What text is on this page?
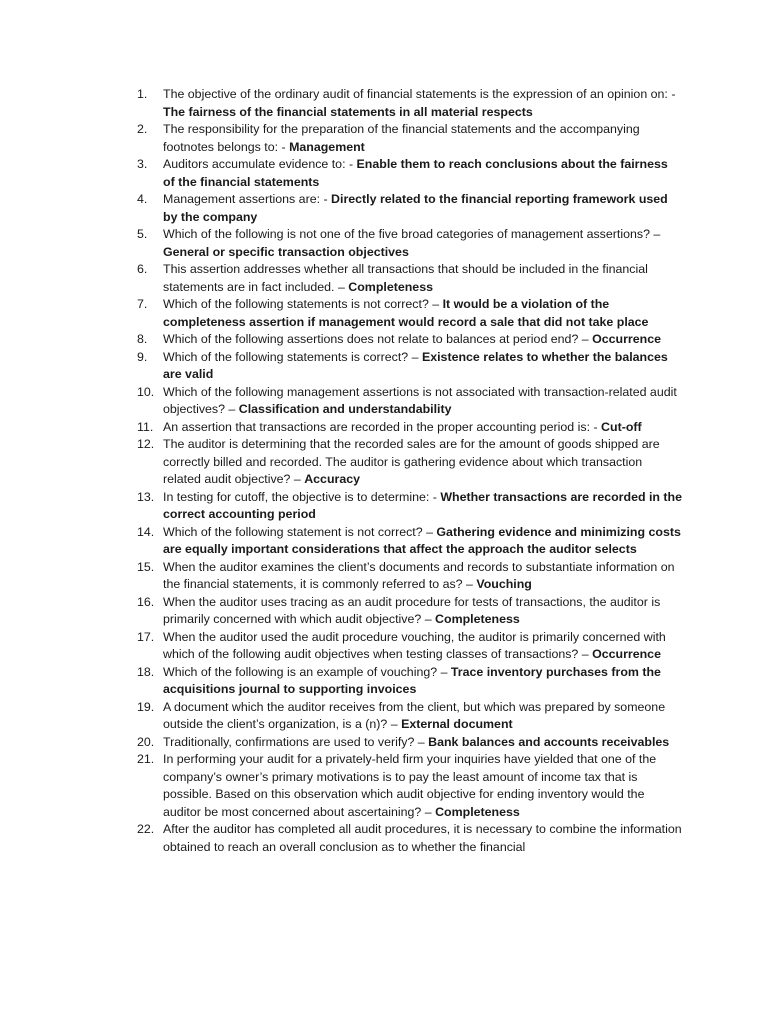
1.	The objective of the ordinary audit of financial statements is the expression of an opinion on: - The fairness of the financial statements in all material respects
2.	The responsibility for the preparation of the financial statements and the accompanying footnotes belongs to: - Management
3.	Auditors accumulate evidence to: - Enable them to reach conclusions about the fairness of the financial statements
4.	Management assertions are: - Directly related to the financial reporting framework used by the company
5.	Which of the following is not one of the five broad categories of management assertions? – General or specific transaction objectives
6.	This assertion addresses whether all transactions that should be included in the financial statements are in fact included. – Completeness
7.	Which of the following statements is not correct? – It would be a violation of the completeness assertion if management would record a sale that did not take place
8.	Which of the following assertions does not relate to balances at period end? – Occurrence
9.	Which of the following statements is correct? – Existence relates to whether the balances are valid
10. Which of the following management assertions is not associated with transaction-related audit objectives? – Classification and understandability
11. An assertion that transactions are recorded in the proper accounting period is: - Cut-off
12. The auditor is determining that the recorded sales are for the amount of goods shipped are correctly billed and recorded. The auditor is gathering evidence about which transaction related audit objective? – Accuracy
13. In testing for cutoff, the objective is to determine: - Whether transactions are recorded in the correct accounting period
14. Which of the following statement is not correct? – Gathering evidence and minimizing costs are equally important considerations that affect the approach the auditor selects
15. When the auditor examines the client’s documents and records to substantiate information on the financial statements, it is commonly referred to as? – Vouching
16. When the auditor uses tracing as an audit procedure for tests of transactions, the auditor is primarily concerned with which audit objective? – Completeness
17. When the auditor used the audit procedure vouching, the auditor is primarily concerned with which of the following audit objectives when testing classes of transactions? – Occurrence
18. Which of the following is an example of vouching? – Trace inventory purchases from the acquisitions journal to supporting invoices
19. A document which the auditor receives from the client, but which was prepared by someone outside the client’s organization, is a (n)? – External document
20. Traditionally, confirmations are used to verify? – Bank balances and accounts receivables
21. In performing your audit for a privately-held firm your inquiries have yielded that one of the company’s owner’s primary motivations is to pay the least amount of income tax that is possible. Based on this observation which audit objective for ending inventory would the auditor be most concerned about ascertaining? – Completeness
22. After the auditor has completed all audit procedures, it is necessary to combine the information obtained to reach an overall conclusion as to whether the financial
